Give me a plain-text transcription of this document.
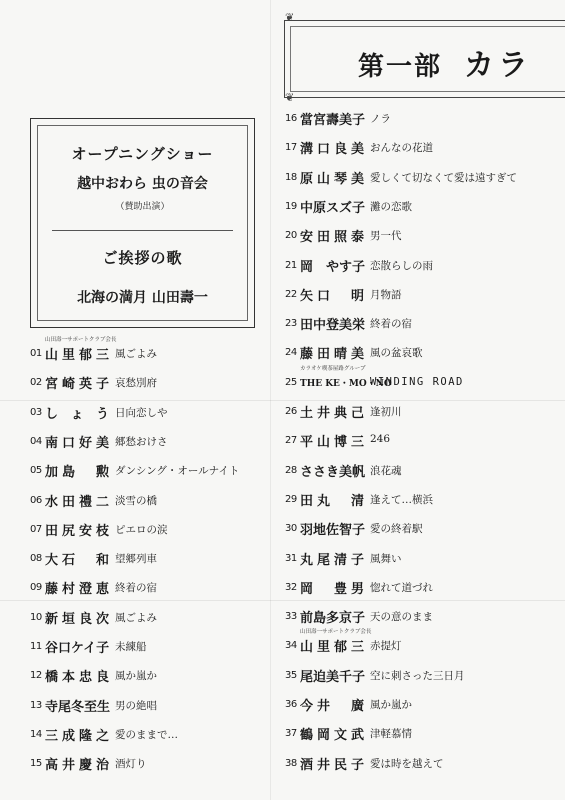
❦
❦
第一部 カラ
オープニングショー
越中おわら 虫の音会
（賛助出演）
ご挨拶の歌
北海の満月 山田壽一
山田壽一サポートクラブ会長
01 山里郁三 風ごよみ
02 宮崎英子 哀愁別府
03 しょう 日向恋しや
04 南口好美 郷愁おけさ
05 加島　勲 ダンシング・オールナイト
06 水田禮二 淡雪の橋
07 田尻安枝 ピエロの涙
08 大石　和 望郷列車
09 藤村澄恵 終着の宿
10 新垣良次 風ごよみ
11 谷口ケイ子 未練船
12 橋本忠良 風か嵐か
13 寺尾冬至生 男の絶唱
14 三成隆之 愛のままで…
15 高井慶治 酒灯り
16 當宮壽美子 ノラ
17 溝口良美 おんなの花道
18 原山琴美 愛しくて切なくて愛は遠すぎて
19 中原スズ子 灘の恋歌
20 安田照泰 男一代
21 岡　やす子 恋散らしの雨
22 矢口　明 月物語
23 田中登美栄 終着の宿
24 藤田晴美 風の盆哀歌
カラオケ喫茶屋路グループ
25 THE KE・MO・NO
WINDING ROAD
26 土井典己 逢初川
27 平山博三 246
28 ささき美帆 浪花魂
29 田丸　清 逢えて…横浜
30 羽地佐智子 愛の終着駅
31 丸尾清子 風舞い
32 岡　豊男 惚れて道づれ
33 前島多京子 天の意のまま
山田壽一サポートクラブ会長
34 山里郁三 赤提灯
35 尾迫美千子 空に刺さった三日月
36 今井　廣 風か嵐か
37 鶴岡文武 津軽慕情
38 酒井民子 愛は時を越えて
